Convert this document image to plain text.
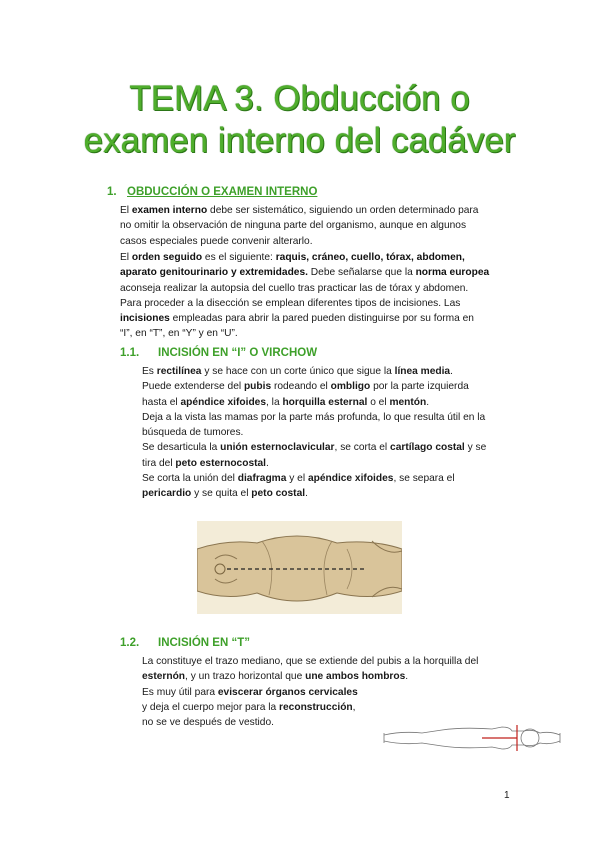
TEMA 3. Obducción o
examen interno del cadáver
1. OBDUCCIÓN O EXAMEN INTERNO
El examen interno debe ser sistemático, siguiendo un orden determinado para
no omitir la observación de ninguna parte del organismo, aunque en algunos
casos especiales puede convenir alterarlo.
El orden seguido es el siguiente: raquis, cráneo, cuello, tórax, abdomen,
aparato genitourinario y extremidades. Debe señalarse que la norma europea
aconseja realizar la autopsia del cuello tras practicar las de tórax y abdomen.
Para proceder a la disección se emplean diferentes tipos de incisiones. Las
incisiones empleadas para abrir la pared pueden distinguirse por su forma en
“I”, en “T”, en “Y” y en “U”.
1.1. INCISIÓN EN “I” O VIRCHOW
Es rectilínea y se hace con un corte único que sigue la línea media.
Puede extenderse del pubis rodeando el ombligo por la parte izquierda
hasta el apéndice xifoides, la horquilla esternal o el mentón.
Deja a la vista las mamas por la parte más profunda, lo que resulta útil en la
búsqueda de tumores.
Se desarticula la unión esternoclavicular, se corta el cartílago costal y se
tira del peto esternocostal.
Se corta la unión del diafragma y el apéndice xifoides, se separa el
pericardio y se quita el peto costal.
1.2. INCISIÓN EN “T”
La constituye el trazo mediano, que se extiende del pubis a la horquilla del
esternón, y un trazo horizontal que une ambos hombros.
Es muy útil para eviscerar órganos cervicales
y deja el cuerpo mejor para la reconstrucción,
no se ve después de vestido.
1
